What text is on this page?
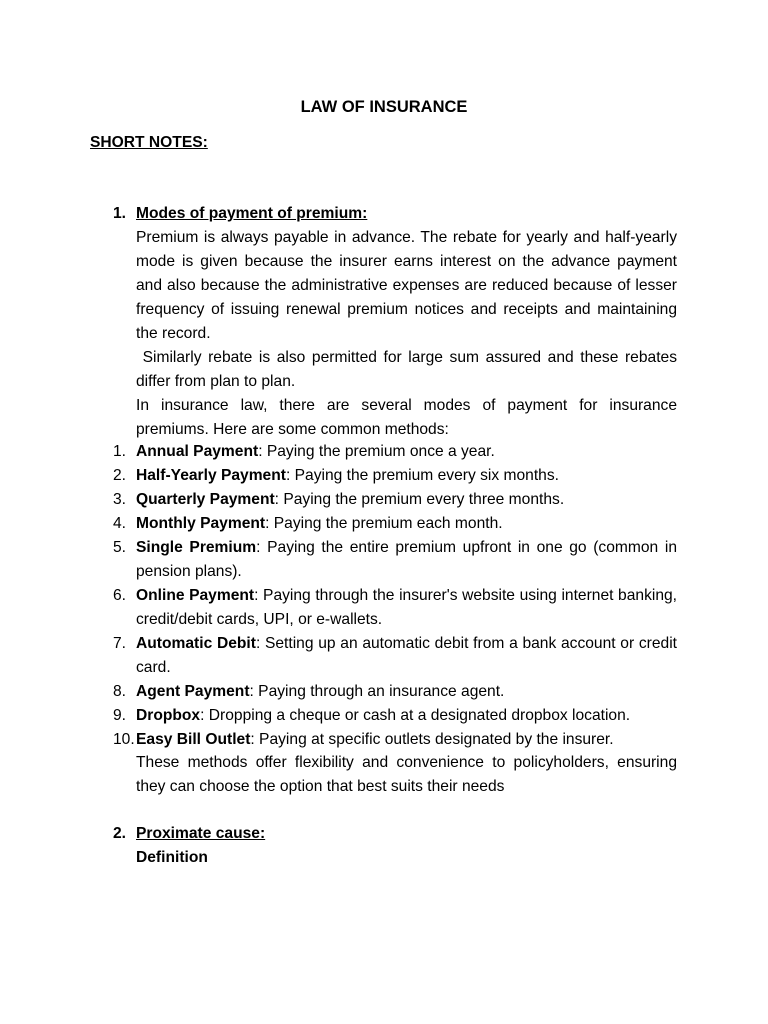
LAW OF INSURANCE
SHORT NOTES:
1. Modes of payment of premium:

Premium is always payable in advance. The rebate for yearly and half-yearly mode is given because the insurer earns interest on the advance payment and also because the administrative expenses are reduced because of lesser frequency of issuing renewal premium notices and receipts and maintaining the record.

Similarly rebate is also permitted for large sum assured and these rebates differ from plan to plan.

In insurance law, there are several modes of payment for insurance premiums. Here are some common methods:

1. Annual Payment: Paying the premium once a year.
2. Half-Yearly Payment: Paying the premium every six months.
3. Quarterly Payment: Paying the premium every three months.
4. Monthly Payment: Paying the premium each month.
5. Single Premium: Paying the entire premium upfront in one go (common in pension plans).
6. Online Payment: Paying through the insurer's website using internet banking, credit/debit cards, UPI, or e-wallets.
7. Automatic Debit: Setting up an automatic debit from a bank account or credit card.
8. Agent Payment: Paying through an insurance agent.
9. Dropbox: Dropping a cheque or cash at a designated dropbox location.
10. Easy Bill Outlet: Paying at specific outlets designated by the insurer.

These methods offer flexibility and convenience to policyholders, ensuring they can choose the option that best suits their needs

2. Proximate cause:
Definition
